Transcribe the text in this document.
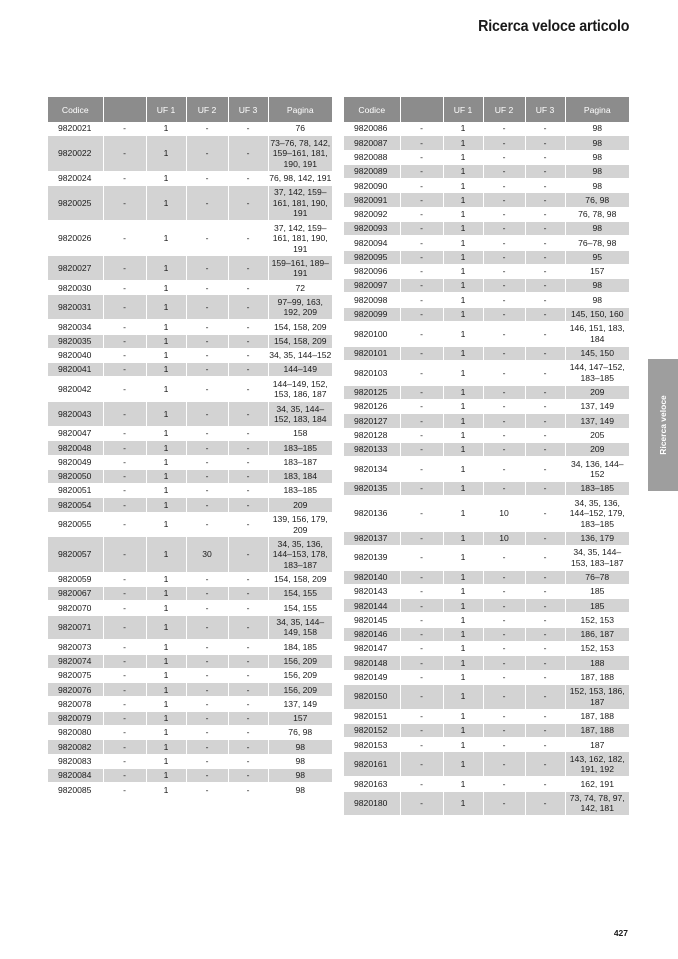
Ricerca veloce articolo
Ricerca veloce
Codice		UF 1	UF 2	UF 3	Pagina
9820021	-	1	-	-	76
9820022	-	1	-	-	73–76, 78, 142, 159–161, 181, 190, 191
9820024	-	1	-	-	76, 98, 142, 191
9820025	-	1	-	-	37, 142, 159–161, 181, 190, 191
9820026	-	1	-	-	37, 142, 159–161, 181, 190, 191
9820027	-	1	-	-	159–161, 189–191
9820030	-	1	-	-	72
9820031	-	1	-	-	97–99, 163, 192, 209
9820034	-	1	-	-	154, 158, 209
9820035	-	1	-	-	154, 158, 209
9820040	-	1	-	-	34, 35, 144–152
9820041	-	1	-	-	144–149
9820042	-	1	-	-	144–149, 152, 153, 186, 187
9820043	-	1	-	-	34, 35, 144–152, 183, 184
9820047	-	1	-	-	158
9820048	-	1	-	-	183–185
9820049	-	1	-	-	183–187
9820050	-	1	-	-	183, 184
9820051	-	1	-	-	183–185
9820054	-	1	-	-	209
9820055	-	1	-	-	139, 156, 179, 209
9820057	-	1	30	-	34, 35, 136, 144–153, 178, 183–187
9820059	-	1	-	-	154, 158, 209
9820067	-	1	-	-	154, 155
9820070	-	1	-	-	154, 155
9820071	-	1	-	-	34, 35, 144–149, 158
9820073	-	1	-	-	184, 185
9820074	-	1	-	-	156, 209
9820075	-	1	-	-	156, 209
9820076	-	1	-	-	156, 209
9820078	-	1	-	-	137, 149
9820079	-	1	-	-	157
9820080	-	1	-	-	76, 98
9820082	-	1	-	-	98
9820083	-	1	-	-	98
9820084	-	1	-	-	98
9820085	-	1	-	-	98
Codice		UF 1	UF 2	UF 3	Pagina
9820086	-	1	-	-	98
9820087	-	1	-	-	98
9820088	-	1	-	-	98
9820089	-	1	-	-	98
9820090	-	1	-	-	98
9820091	-	1	-	-	76, 98
9820092	-	1	-	-	76, 78, 98
9820093	-	1	-	-	98
9820094	-	1	-	-	76–78, 98
9820095	-	1	-	-	95
9820096	-	1	-	-	157
9820097	-	1	-	-	98
9820098	-	1	-	-	98
9820099	-	1	-	-	145, 150, 160
9820100	-	1	-	-	146, 151, 183, 184
9820101	-	1	-	-	145, 150
9820103	-	1	-	-	144, 147–152, 183–185
9820125	-	1	-	-	209
9820126	-	1	-	-	137, 149
9820127	-	1	-	-	137, 149
9820128	-	1	-	-	205
9820133	-	1	-	-	209
9820134	-	1	-	-	34, 136, 144–152
9820135	-	1	-	-	183–185
9820136	-	1	10	-	34, 35, 136, 144–152, 179, 183–185
9820137	-	1	10	-	136, 179
9820139	-	1	-	-	34, 35, 144–153, 183–187
9820140	-	1	-	-	76–78
9820143	-	1	-	-	185
9820144	-	1	-	-	185
9820145	-	1	-	-	152, 153
9820146	-	1	-	-	186, 187
9820147	-	1	-	-	152, 153
9820148	-	1	-	-	188
9820149	-	1	-	-	187, 188
9820150	-	1	-	-	152, 153, 186, 187
9820151	-	1	-	-	187, 188
9820152	-	1	-	-	187, 188
9820153	-	1	-	-	187
9820161	-	1	-	-	143, 162, 182, 191, 192
9820163	-	1	-	-	162, 191
9820180	-	1	-	-	73, 74, 78, 97, 142, 181
427
